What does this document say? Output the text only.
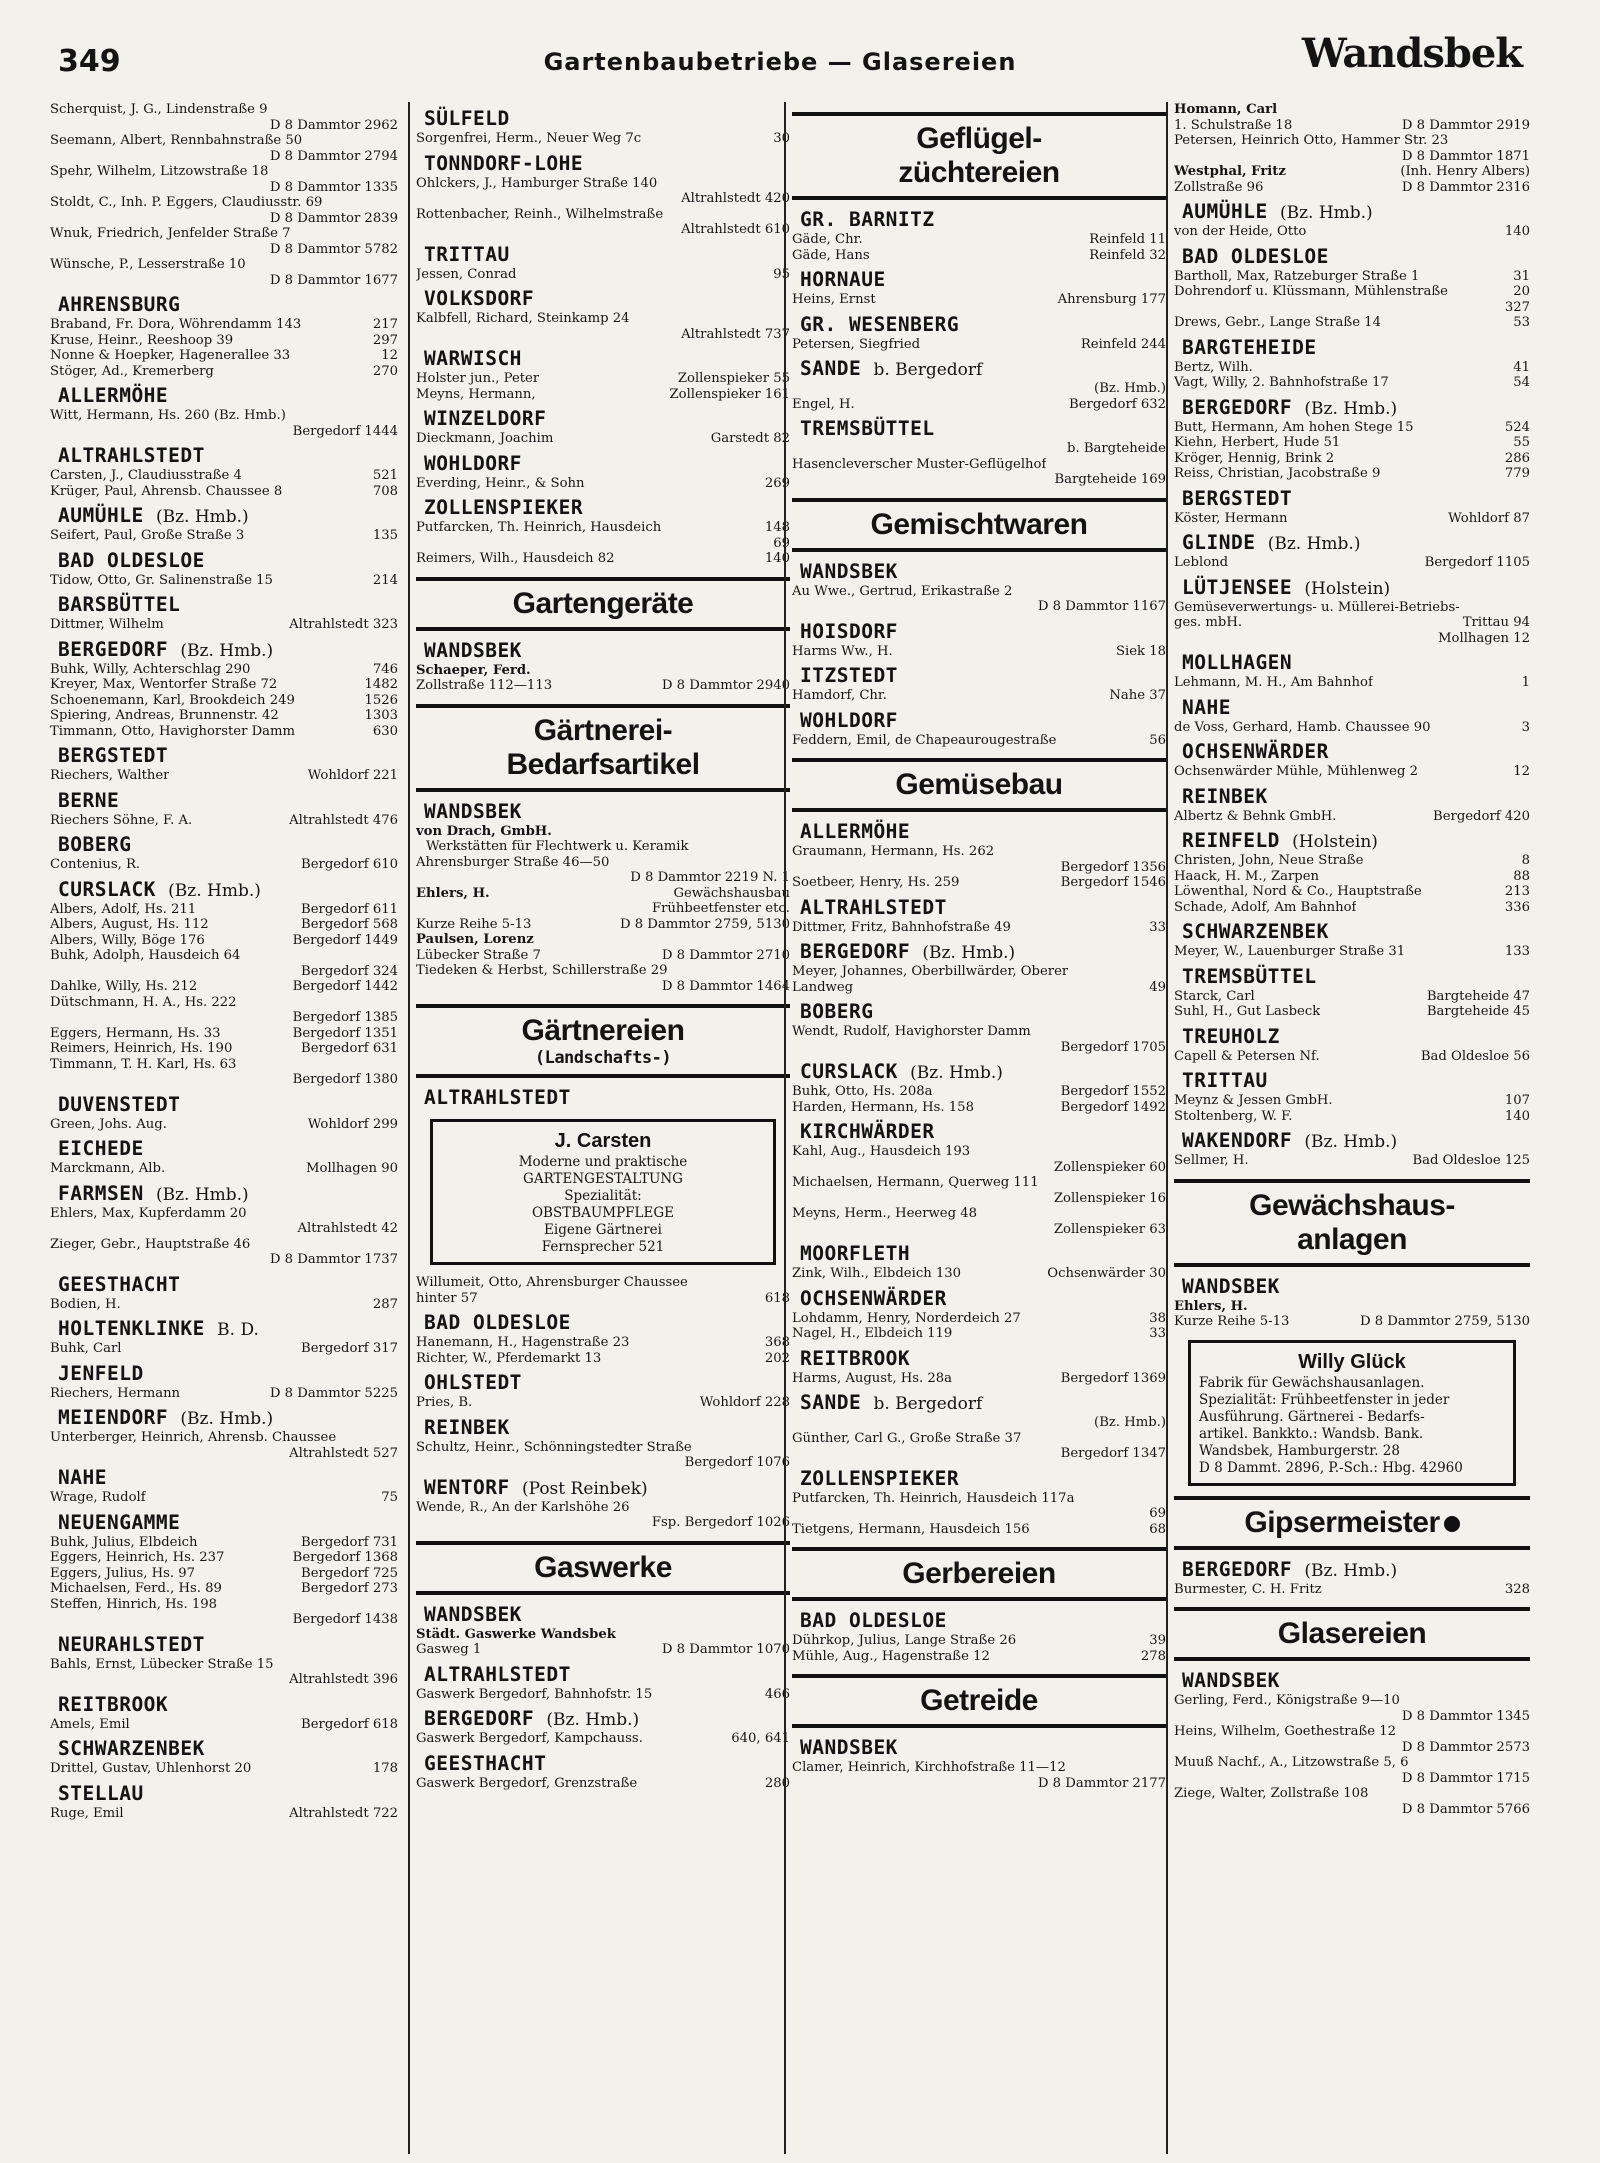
349	Gartenbaubetriebe — Glasereien	Wandsbek
Scherquist, J. G., Lindenstraße 9
D 8 Dammtor 2962
Seemann, Albert, Rennbahnstraße 50
D 8 Dammtor 2794
Spehr, Wilhelm, Litzowstraße 18
D 8 Dammtor 1335
Stoldt, C., Inh. P. Eggers, Claudiusstr. 69
D 8 Dammtor 2839
Wnuk, Friedrich, Jenfelder Straße 7
D 8 Dammtor 5782
Wünsche, P., Lesserstraße 10
D 8 Dammtor 1677
AHRENSBURG
Braband, Fr. Dora, Wöhrendamm 143	217
Kruse, Heinr., Reeshoop 39	297
Nonne & Hoepker, Hagenerallee 33	12
Stöger, Ad., Kremerberg	270
ALLERMÖHE
Witt, Hermann, Hs. 260 (Bz. Hmb.)
Bergedorf 1444
ALTRAHLSTEDT
Carsten, J., Claudiusstraße 4	521
Krüger, Paul, Ahrensb. Chaussee 8	708
AUMÜHLE (Bz. Hmb.)
Seifert, Paul, Große Straße 3	135
BAD OLDESLOE
Tidow, Otto, Gr. Salinenstraße 15	214
BARSBÜTTEL
Dittmer, Wilhelm	Altrahlstedt 323
BERGEDORF (Bz. Hmb.)
Buhk, Willy, Achterschlag 290	746
Kreyer, Max, Wentorfer Straße 72	1482
Schoenemann, Karl, Brookdeich 249	1526
Spiering, Andreas, Brunnenstr. 42	1303
Timmann, Otto, Havighorster Damm	630
BERGSTEDT
Riechers, Walther	Wohldorf 221
BERNE
Riechers Söhne, F. A.	Altrahlstedt 476
BOBERG
Contenius, R.	Bergedorf 610
CURSLACK (Bz. Hmb.)
Albers, Adolf, Hs. 211	Bergedorf 611
Albers, August, Hs. 112	Bergedorf 568
Albers, Willy, Böge 176	Bergedorf 1449
Buhk, Adolph, Hausdeich 64
Bergedorf 324
Dahlke, Willy, Hs. 212	Bergedorf 1442
Dütschmann, H. A., Hs. 222
Bergedorf 1385
Eggers, Hermann, Hs. 33	Bergedorf 1351
Reimers, Heinrich, Hs. 190	Bergedorf 631
Timmann, T. H. Karl, Hs. 63
Bergedorf 1380
DUVENSTEDT
Green, Johs. Aug.	Wohldorf 299
EICHEDE
Marckmann, Alb.	Mollhagen 90
FARMSEN (Bz. Hmb.)
Ehlers, Max, Kupferdamm 20
Altrahlstedt 42
Zieger, Gebr., Hauptstraße 46
D 8 Dammtor 1737
GEESTHACHT
Bodien, H.	287
HOLTENKLINKE B. D.
Buhk, Carl	Bergedorf 317
JENFELD
Riechers, Hermann	D 8 Dammtor 5225
MEIENDORF (Bz. Hmb.)
Unterberger, Heinrich, Ahrensb. Chaussee
Altrahlstedt 527
NAHE
Wrage, Rudolf	75
NEUENGAMME
Buhk, Julius, Elbdeich	Bergedorf 731
Eggers, Heinrich, Hs. 237	Bergedorf 1368
Eggers, Julius, Hs. 97	Bergedorf 725
Michaelsen, Ferd., Hs. 89	Bergedorf 273
Steffen, Hinrich, Hs. 198
Bergedorf 1438
NEURAHLSTEDT
Bahls, Ernst, Lübecker Straße 15
Altrahlstedt 396
REITBROOK
Amels, Emil	Bergedorf 618
SCHWARZENBEK
Drittel, Gustav, Uhlenhorst 20	178
STELLAU
Ruge, Emil	Altrahlstedt 722
SÜLFELD
Sorgenfrei, Herm., Neuer Weg 7c	30
TONNDORF-LOHE
Ohlckers, J., Hamburger Straße 140
Altrahlstedt 420
Rottenbacher, Reinh., Wilhelmstraße
Altrahlstedt 610
TRITTAU
Jessen, Conrad	95
VOLKSDORF
Kalbfell, Richard, Steinkamp 24
Altrahlstedt 737
WARWISCH
Holster jun., Peter	Zollenspieker 55
Meyns, Hermann,	Zollenspieker 161
WINZELDORF
Dieckmann, Joachim	Garstedt 82
WOHLDORF
Everding, Heinr., & Sohn	269
ZOLLENSPIEKER
Putfarcken, Th. Heinrich, Hausdeich	148
69
Reimers, Wilh., Hausdeich 82	140
Gartengeräte
WANDSBEK
Schaeper, Ferd.
Zollstraße 112—113	D 8 Dammtor 2940
Gärtnerei-
Bedarfsartikel
WANDSBEK
von Drach, GmbH.
Werkstätten für Flechtwerk u. Keramik
Ahrensburger Straße 46—50
D 8 Dammtor 2219 N. 1
Ehlers, H.	Gewächshausbau
Frühbeetfenster etc.
Kurze Reihe 5-13	D 8 Dammtor 2759, 5130
Paulsen, Lorenz
Lübecker Straße 7	D 8 Dammtor 2710
Tiedeken & Herbst, Schillerstraße 29
D 8 Dammtor 1464
Gärtnereien
(Landschafts-)
ALTRAHLSTEDT
J. Carsten
Moderne und praktische
GARTENGESTALTUNG
Spezialität:
OBSTBAUMPFLEGE
Eigene Gärtnerei
Fernsprecher 521
Willumeit, Otto, Ahrensburger Chaussee
hinter 57	618
BAD OLDESLOE
Hanemann, H., Hagenstraße 23	368
Richter, W., Pferdemarkt 13	202
OHLSTEDT
Pries, B.	Wohldorf 228
REINBEK
Schultz, Heinr., Schönningstedter Straße
Bergedorf 1076
WENTORF (Post Reinbek)
Wende, R., An der Karlshöhe 26
Fsp. Bergedorf 1026
Gaswerke
WANDSBEK
Städt. Gaswerke Wandsbek
Gasweg 1	D 8 Dammtor 1070
ALTRAHLSTEDT
Gaswerk Bergedorf, Bahnhofstr. 15	466
BERGEDORF (Bz. Hmb.)
Gaswerk Bergedorf, Kampchauss.	640, 641
GEESTHACHT
Gaswerk Bergedorf, Grenzstraße	280
Geflügel-
züchtereien
GR. BARNITZ
Gäde, Chr.	Reinfeld 11
Gäde, Hans	Reinfeld 32
HORNAUE
Heins, Ernst	Ahrensburg 177
GR. WESENBERG
Petersen, Siegfried	Reinfeld 244
SANDE b. Bergedorf
(Bz. Hmb.)
Engel, H.	Bergedorf 632
TREMSBÜTTEL
b. Bargteheide
Hasencleverscher Muster-Geflügelhof
Bargteheide 169
Gemischtwaren
WANDSBEK
Au Wwe., Gertrud, Erikastraße 2
D 8 Dammtor 1167
HOISDORF
Harms Ww., H.	Siek 18
ITZSTEDT
Hamdorf, Chr.	Nahe 37
WOHLDORF
Feddern, Emil, de Chapeaurougestraße	56
Gemüsebau
ALLERMÖHE
Graumann, Hermann, Hs. 262
Bergedorf 1356
Soetbeer, Henry, Hs. 259	Bergedorf 1546
ALTRAHLSTEDT
Dittmer, Fritz, Bahnhofstraße 49	33
BERGEDORF (Bz. Hmb.)
Meyer, Johannes, Oberbillwärder, Oberer
Landweg	49
BOBERG
Wendt, Rudolf, Havighorster Damm
Bergedorf 1705
CURSLACK (Bz. Hmb.)
Buhk, Otto, Hs. 208a	Bergedorf 1552
Harden, Hermann, Hs. 158	Bergedorf 1492
KIRCHWÄRDER
Kahl, Aug., Hausdeich 193
Zollenspieker 60
Michaelsen, Hermann, Querweg 111
Zollenspieker 16
Meyns, Herm., Heerweg 48
Zollenspieker 63
MOORFLETH
Zink, Wilh., Elbdeich 130	Ochsenwärder 30
OCHSENWÄRDER
Lohdamm, Henry, Norderdeich 27	38
Nagel, H., Elbdeich 119	33
REITBROOK
Harms, August, Hs. 28a	Bergedorf 1369
SANDE b. Bergedorf
(Bz. Hmb.)
Günther, Carl G., Große Straße 37
Bergedorf 1347
ZOLLENSPIEKER
Putfarcken, Th. Heinrich, Hausdeich 117a
69
Tietgens, Hermann, Hausdeich 156	68
Gerbereien
BAD OLDESLOE
Dührkop, Julius, Lange Straße 26	39
Mühle, Aug., Hagenstraße 12	278
Getreide
WANDSBEK
Clamer, Heinrich, Kirchhofstraße 11—12
D 8 Dammtor 2177
Homann, Carl
1. Schulstraße 18	D 8 Dammtor 2919
Petersen, Heinrich Otto, Hammer Str. 23
D 8 Dammtor 1871
Westphal, Fritz	(Inh. Henry Albers)
Zollstraße 96	D 8 Dammtor 2316
AUMÜHLE (Bz. Hmb.)
von der Heide, Otto	140
BAD OLDESLOE
Bartholl, Max, Ratzeburger Straße 1	31
Dohrendorf u. Klüssmann, Mühlenstraße	20
327
Drews, Gebr., Lange Straße 14	53
BARGTEHEIDE
Bertz, Wilh.	41
Vagt, Willy, 2. Bahnhofstraße 17	54
BERGEDORF (Bz. Hmb.)
Butt, Hermann, Am hohen Stege 15	524
Kiehn, Herbert, Hude 51	55
Kröger, Hennig, Brink 2	286
Reiss, Christian, Jacobstraße 9	779
BERGSTEDT
Köster, Hermann	Wohldorf 87
GLINDE (Bz. Hmb.)
Leblond	Bergedorf 1105
LÜTJENSEE (Holstein)
Gemüseverwertungs- u. Müllerei-Betriebs-
ges. mbH.	Trittau 94
Mollhagen 12
MOLLHAGEN
Lehmann, M. H., Am Bahnhof	1
NAHE
de Voss, Gerhard, Hamb. Chaussee 90	3
OCHSENWÄRDER
Ochsenwärder Mühle, Mühlenweg 2	12
REINBEK
Albertz & Behnk GmbH.	Bergedorf 420
REINFELD (Holstein)
Christen, John, Neue Straße	8
Haack, H. M., Zarpen	88
Löwenthal, Nord & Co., Hauptstraße	213
Schade, Adolf, Am Bahnhof	336
SCHWARZENBEK
Meyer, W., Lauenburger Straße 31	133
TREMSBÜTTEL
Starck, Carl	Bargteheide 47
Suhl, H., Gut Lasbeck	Bargteheide 45
TREUHOLZ
Capell & Petersen Nf.	Bad Oldesloe 56
TRITTAU
Meynz & Jessen GmbH.	107
Stoltenberg, W. F.	140
WAKENDORF (Bz. Hmb.)
Sellmer, H.	Bad Oldesloe 125
Gewächshaus-
anlagen
WANDSBEK
Ehlers, H.
Kurze Reihe 5-13	D 8 Dammtor 2759, 5130
Willy Glück
Fabrik für Gewächshausanlagen.
Spezialität: Frühbeetfenster in jeder
Ausführung. Gärtnerei - Bedarfs-
artikel. Bankkto.: Wandsb. Bank.
Wandsbek, Hamburgerstr. 28
D 8 Dammt. 2896, P.-Sch.: Hbg. 42960
Gipsermeister
BERGEDORF (Bz. Hmb.)
Burmester, C. H. Fritz	328
Glasereien
WANDSBEK
Gerling, Ferd., Königstraße 9—10
D 8 Dammtor 1345
Heins, Wilhelm, Goethestraße 12
D 8 Dammtor 2573
Muuß Nachf., A., Litzowstraße 5, 6
D 8 Dammtor 1715
Ziege, Walter, Zollstraße 108
D 8 Dammtor 5766
